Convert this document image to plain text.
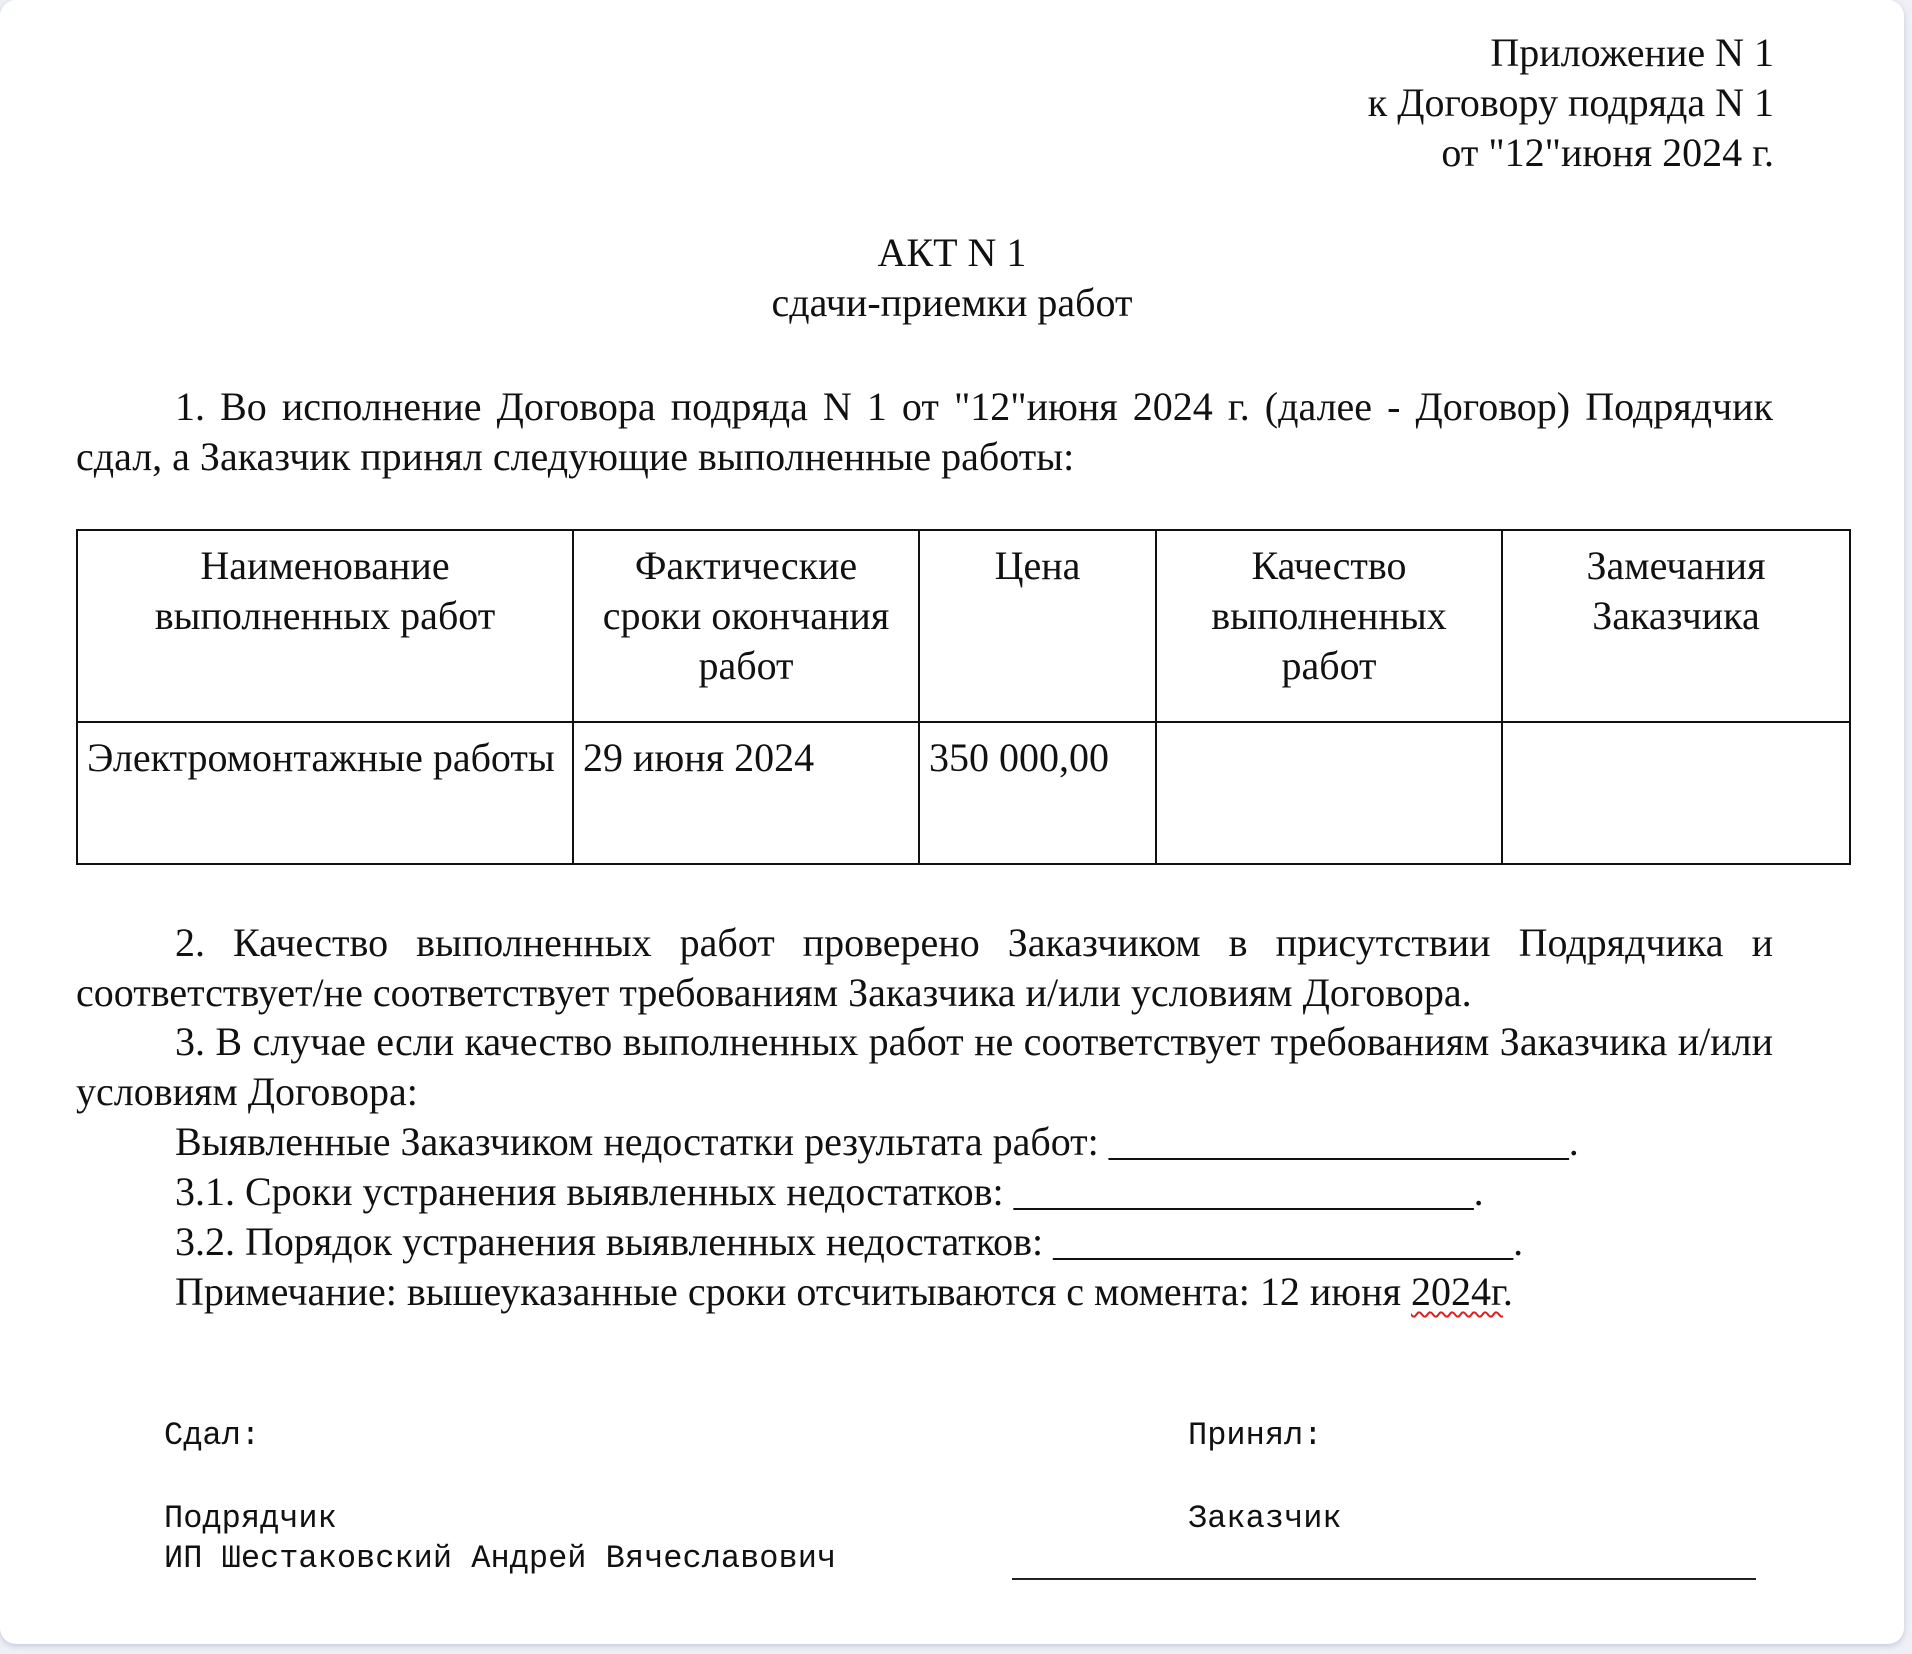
Приложение N 1
к Договору подряда N 1
от "12"июня 2024 г.
АКТ N 1
сдачи-приемки работ
1. Во исполнение Договора подряда N 1 от "12"июня 2024 г. (далее - Договор) Подрядчик сдал, а Заказчик принял следующие выполненные работы:
Наименование выполненных работ	Фактические сроки окончания работ	Цена	Качество выполненных работ	Замечания Заказчика
Электромонтажные работы	29 июня 2024	350 000,00		
2. Качество выполненных работ проверено Заказчиком в присутствии Подрядчика и соответствует/не соответствует требованиям Заказчика и/или условиям Договора.
3. В случае если качество выполненных работ не соответствует требованиям Заказчика и/или условиям Договора:
Выявленные Заказчиком недостатки результата работ: _______________________.
3.1. Сроки устранения выявленных недостатков: _______________________.
3.2. Порядок устранения выявленных недостатков: _______________________.
Примечание: вышеуказанные сроки отсчитываются с момента: 12 июня 2024г.
Сдал:	Принял:
Подрядчик	Заказчик
ИП Шестаковский Андрей Вячеславович
